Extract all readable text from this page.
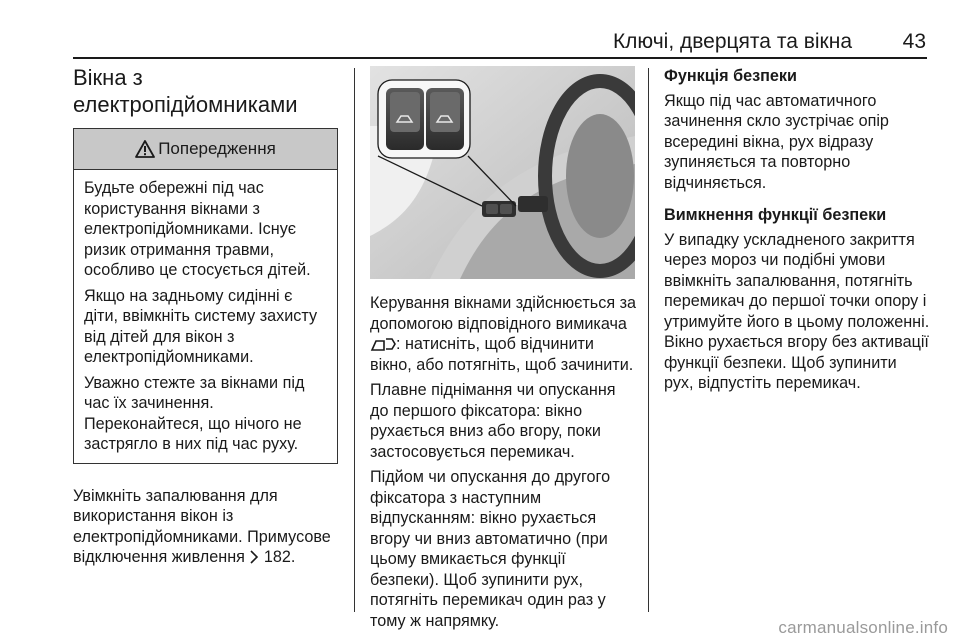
Ключі, дверцята та вікна 43
Вікна з
електропідйомниками
Попередження

Будьте обережні під час користування вікнами з електропідйомниками. Існує ризик отримання травми, особливо це стосується дітей.

Якщо на задньому сидінні є діти, ввімкніть систему захисту від дітей для вікон з електропідйомниками.

Уважно стежте за вікнами під час їх зачинення. Переконайтеся, що нічого не застрягло в них під час руху.

Увімкніть запалювання для використання вікон із електропідйомниками. Примусове відключення живлення 182.

Керування вікнами здійснюється за допомогою відповідного вимикача : натисніть, щоб відчинити вікно, або потягніть, щоб зачинити.

Плавне піднімання чи опускання до першого фіксатора: вікно рухається вниз або вгору, поки застосовується перемикач.

Підйом чи опускання до другого фіксатора з наступним відпусканням: вікно рухається вгору чи вниз автоматично (при цьому вмикається функції безпеки). Щоб зупинити рух, потягніть перемикач один раз у тому ж напрямку.

Функція безпеки

Якщо під час автоматичного зачинення скло зустрічає опір всередині вікна, рух відразу зупиняється та повторно відчиняється.

Вимкнення функції безпеки

У випадку ускладненого закриття через мороз чи подібні умови ввімкніть запалювання, потягніть перемикач до першої точки опору і утримуйте його в цьому положенні. Вікно рухається вгору без активації функції безпеки. Щоб зупинити рух, відпустіть перемикач.

carmanualsonline.info
